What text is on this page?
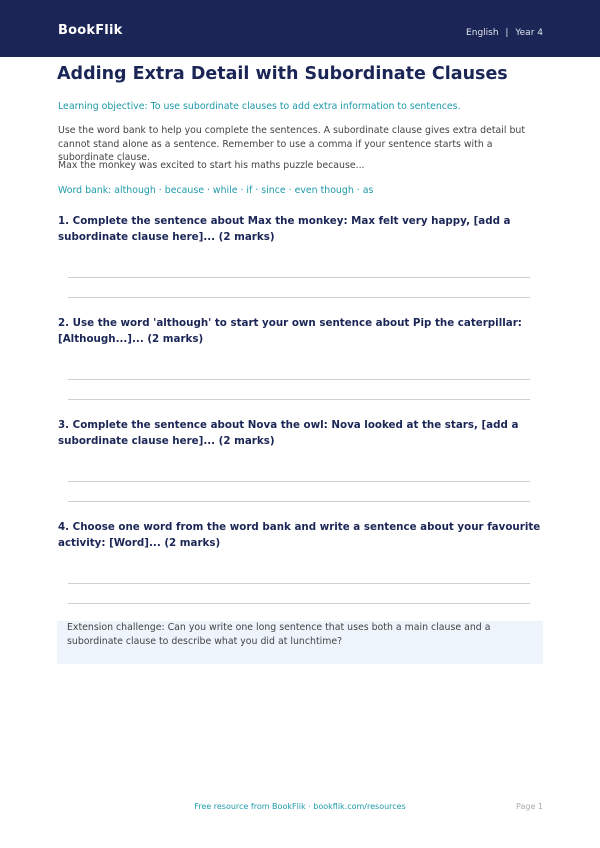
BookFlik	English | Year 4
Adding Extra Detail with Subordinate Clauses
Learning objective: To use subordinate clauses to add extra information to sentences.
Use the word bank to help you complete the sentences. A subordinate clause gives extra detail but cannot stand alone as a sentence. Remember to use a comma if your sentence starts with a subordinate clause.
Max the monkey was excited to start his maths puzzle because...
Word bank: although · because · while · if · since · even though · as
1. Complete the sentence about Max the monkey: Max felt very happy, [add a subordinate clause here]... (2 marks)
2. Use the word 'although' to start your own sentence about Pip the caterpillar: [Although...]... (2 marks)
3. Complete the sentence about Nova the owl: Nova looked at the stars, [add a subordinate clause here]... (2 marks)
4. Choose one word from the word bank and write a sentence about your favourite activity: [Word]... (2 marks)
Extension challenge: Can you write one long sentence that uses both a main clause and a subordinate clause to describe what you did at lunchtime?
Free resource from BookFlik · bookflik.com/resources	Page 1
